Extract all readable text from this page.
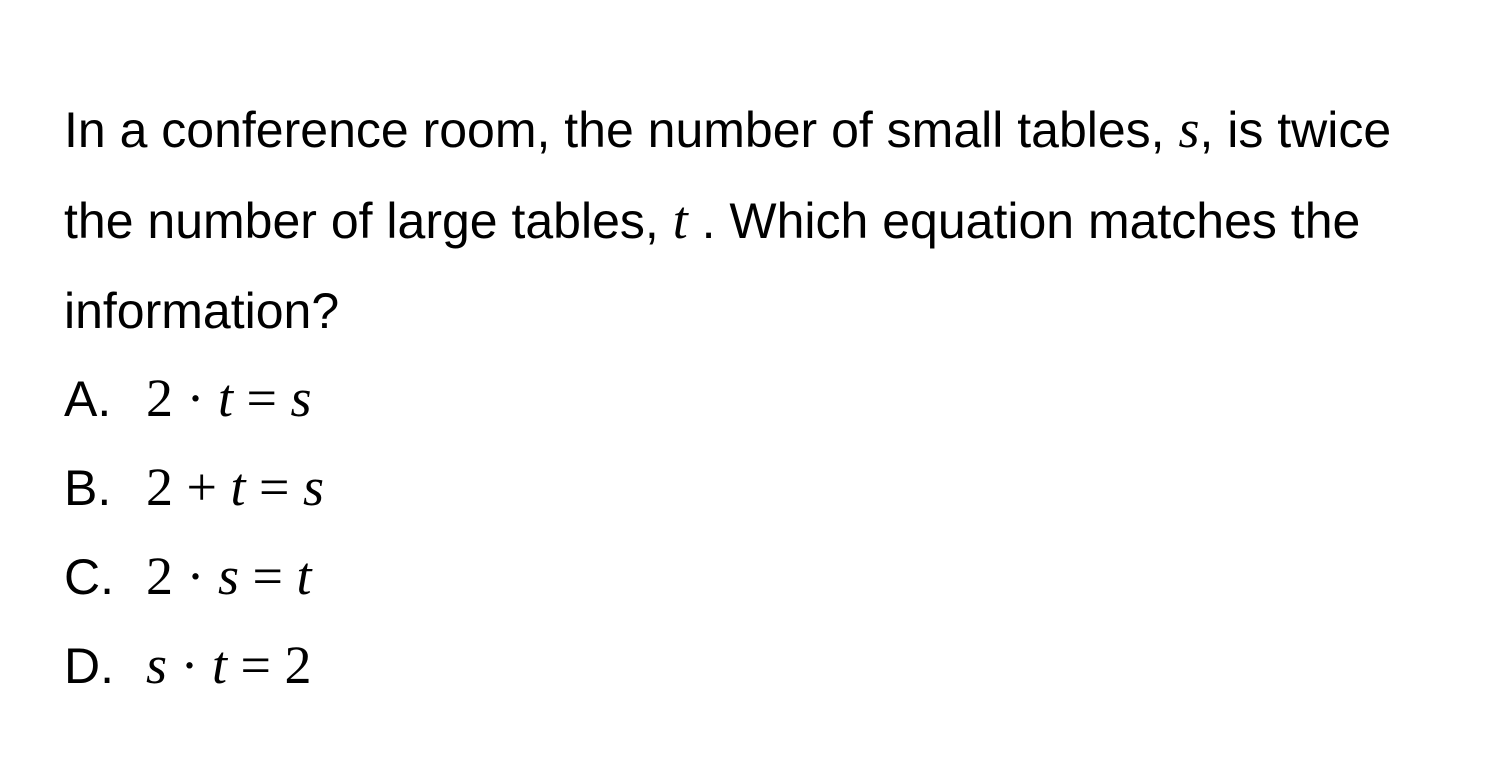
In a conference room, the number of small tables, s, is twice the number of large tables, t . Which equation matches the information?

A. 2 · t = s
B. 2 + t = s
C. 2 · s = t
D. s · t = 2
